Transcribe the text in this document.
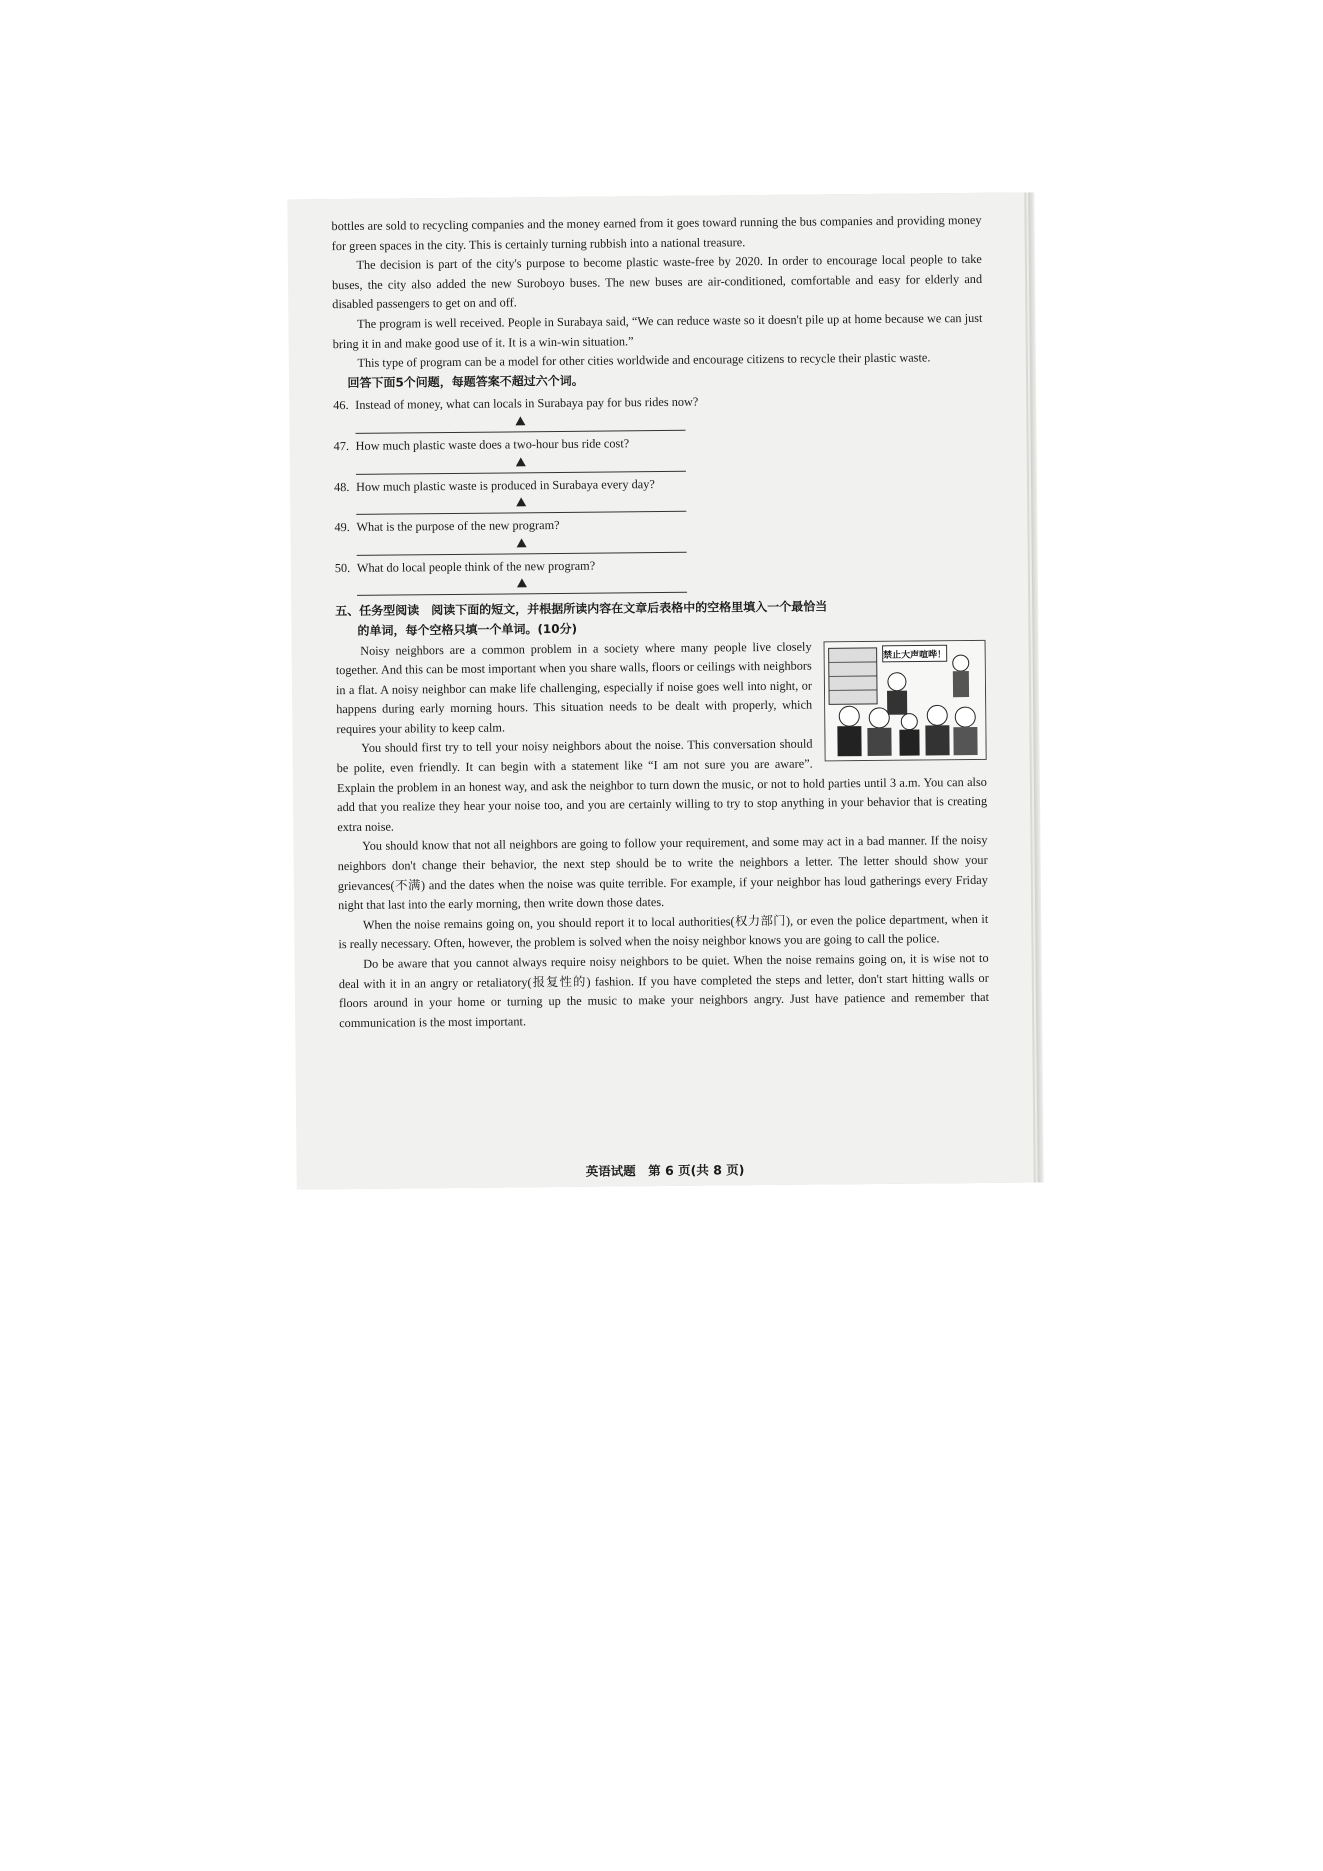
bottles are sold to recycling companies and the money earned from it goes toward running the bus companies and providing money for green spaces in the city. This is certainly turning rubbish into a national treasure.

The decision is part of the city's purpose to become plastic waste-free by 2020. In order to encourage local people to take buses, the city also added the new Suroboyo buses. The new buses are air-conditioned, comfortable and easy for elderly and disabled passengers to get on and off.

The program is well received. People in Surabaya said, “We can reduce waste so it doesn't pile up at home because we can just bring it in and make good use of it. It is a win-win situation.”

This type of program can be a model for other cities worldwide and encourage citizens to recycle their plastic waste.

回答下面5个问题，每题答案不超过六个词。

46. Instead of money, what can locals in Surabaya pay for bus rides now?
47. How much plastic waste does a two-hour bus ride cost?
48. How much plastic waste is produced in Surabaya every day?
49. What is the purpose of the new program?
50. What do local people think of the new program?
五、任务型阅读　阅读下面的短文，并根据所读内容在文章后表格中的空格里填入一个最恰当
的单词，每个空格只填一个单词。(10分)
禁止大声喧哗！

Noisy neighbors are a common problem in a society where many people live closely together. And this can be most important when you share walls, floors or ceilings with neighbors in a flat. A noisy neighbor can make life challenging, especially if noise goes well into night, or happens during early morning hours. This situation needs to be dealt with properly, which requires your ability to keep calm.

You should first try to tell your noisy neighbors about the noise. This conversation should be polite, even friendly. It can begin with a statement like “I am not sure you are aware”. Explain the problem in an honest way, and ask the neighbor to turn down the music, or not to hold parties until 3 a.m. You can also add that you realize they hear your noise too, and you are certainly willing to try to stop anything in your behavior that is creating extra noise.

You should know that not all neighbors are going to follow your requirement, and some may act in a bad manner. If the noisy neighbors don't change their behavior, the next step should be to write the neighbors a letter. The letter should show your grievances(不满) and the dates when the noise was quite terrible. For example, if your neighbor has loud gatherings every Friday night that last into the early morning, then write down those dates.

When the noise remains going on, you should report it to local authorities(权力部门), or even the police department, when it is really necessary. Often, however, the problem is solved when the noisy neighbor knows you are going to call the police.

Do be aware that you cannot always require noisy neighbors to be quiet. When the noise remains going on, it is wise not to deal with it in an angry or retaliatory(报复性的) fashion. If you have completed the steps and letter, don't start hitting walls or floors around in your home or turning up the music to make your neighbors angry. Just have patience and remember that communication is the most important.

英语试题　第 6 页(共 8 页)
